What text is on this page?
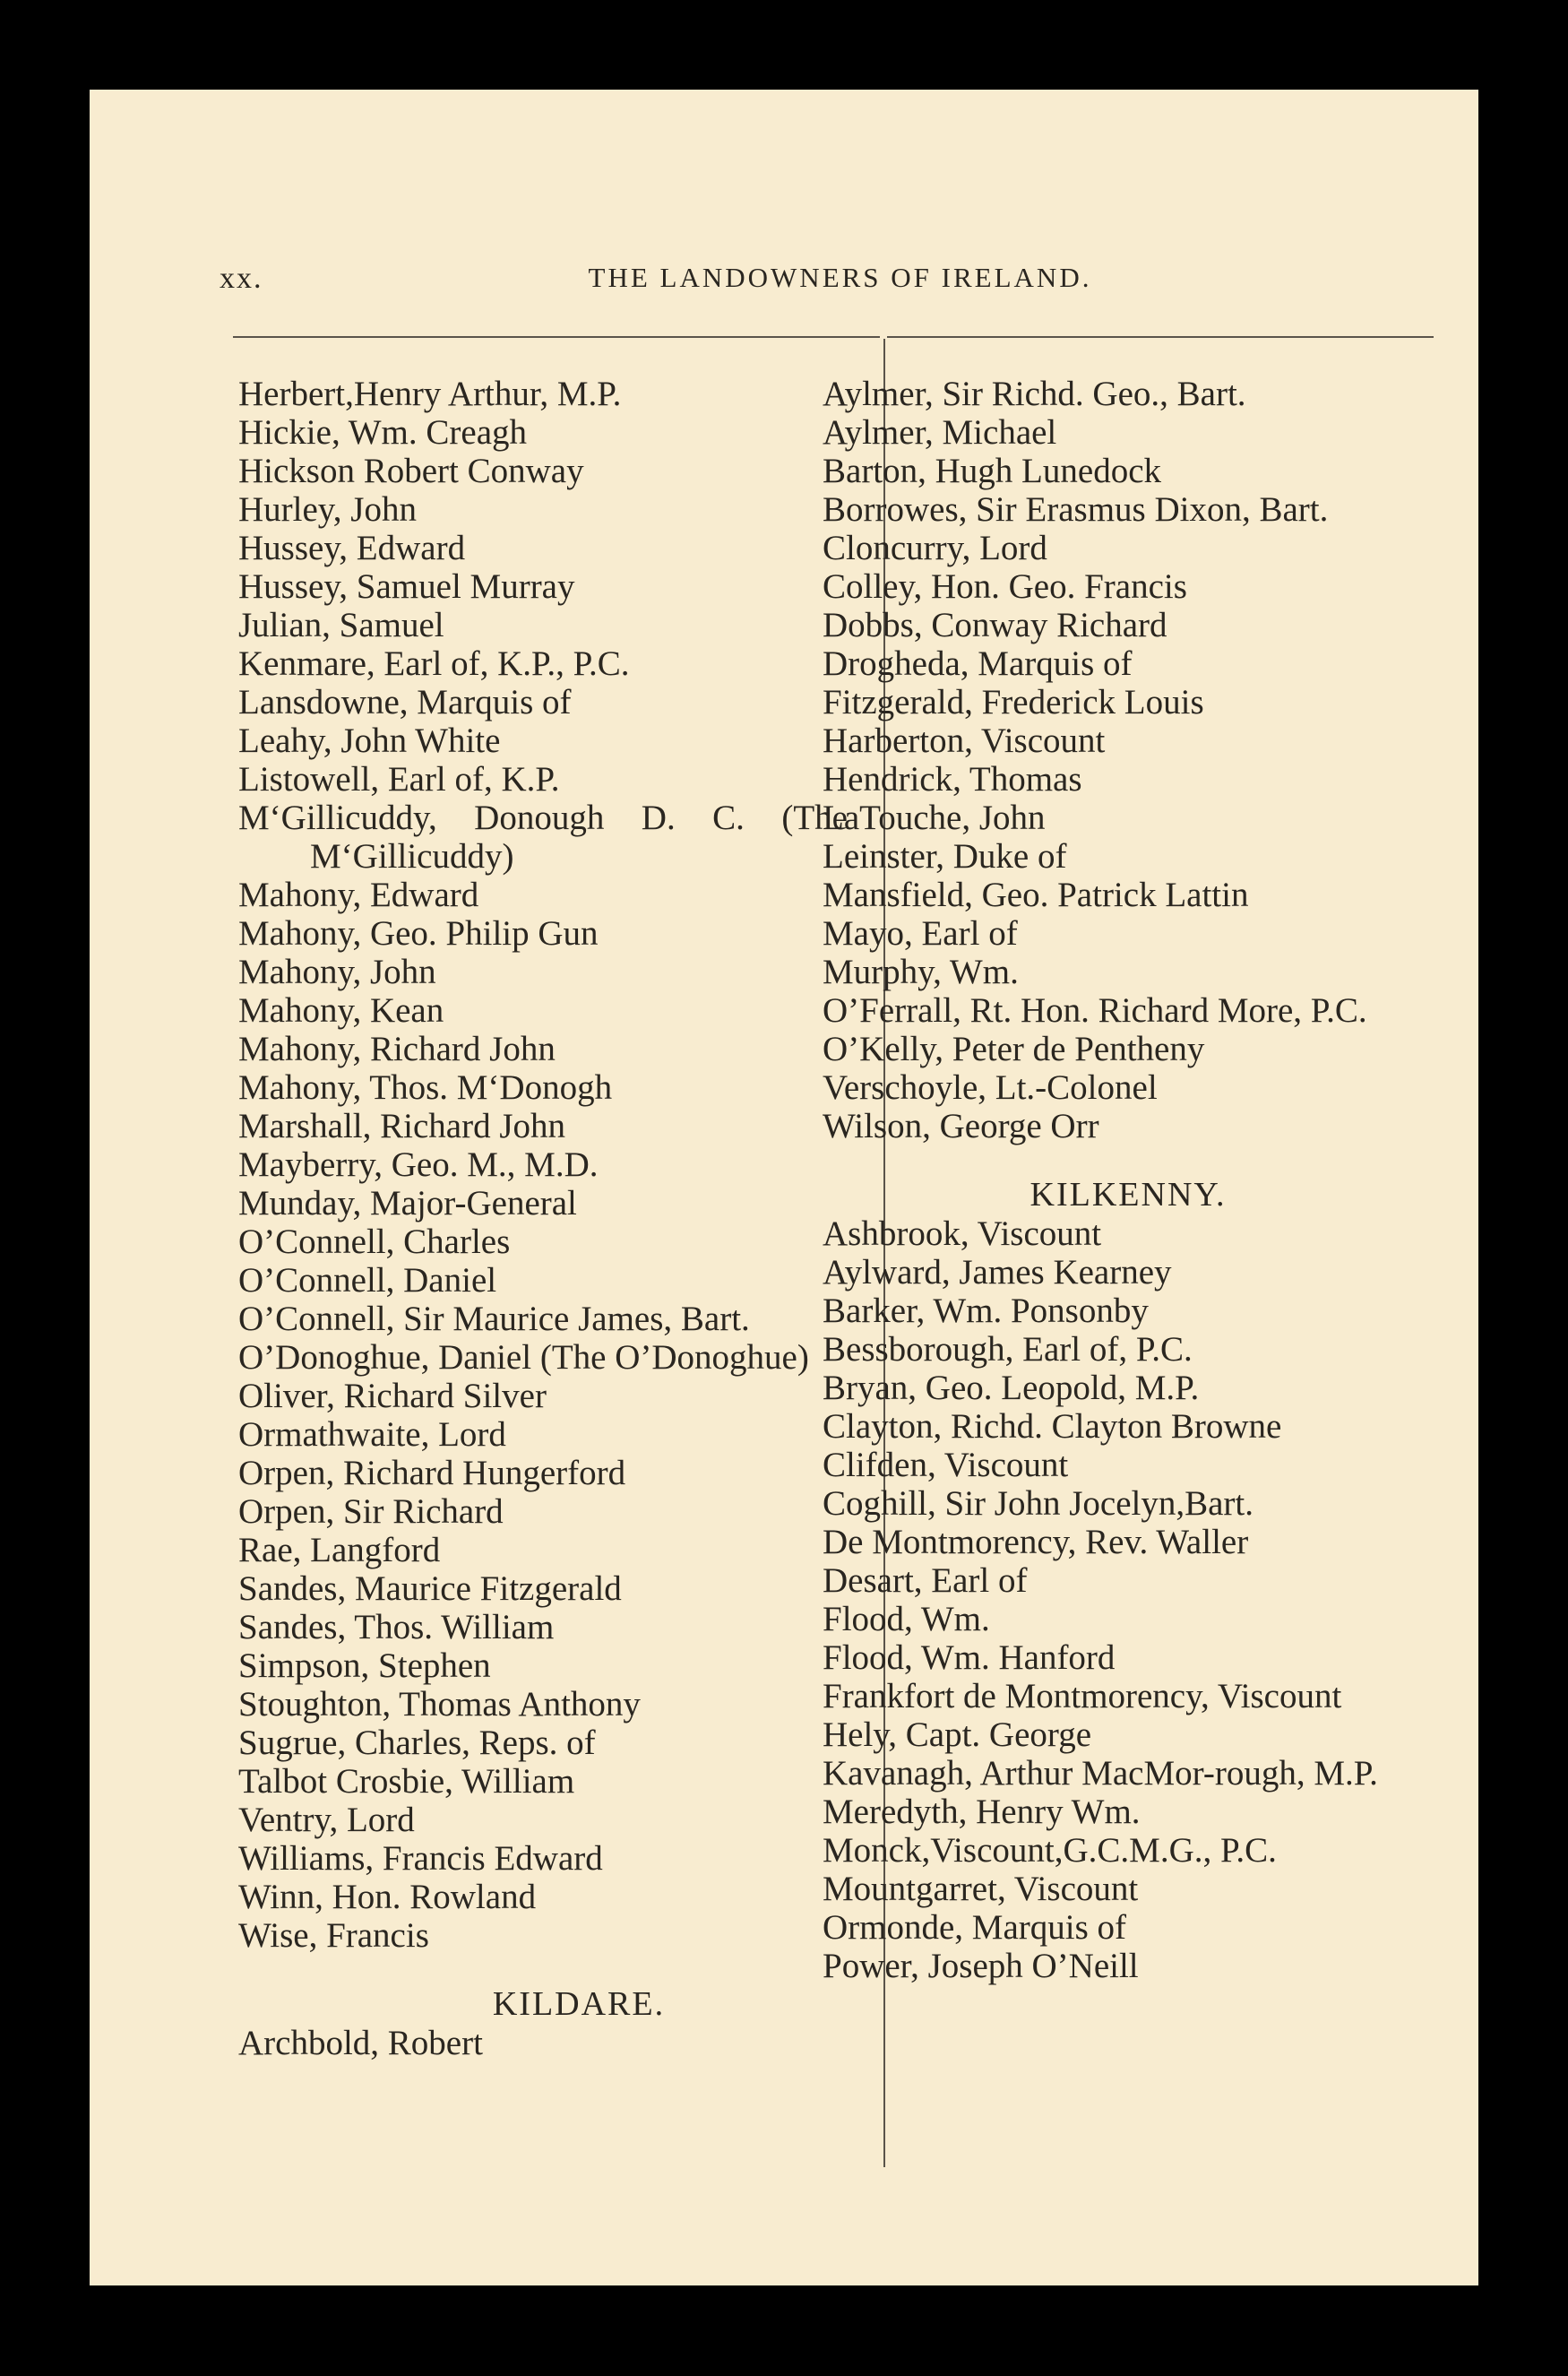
xx.	THE LANDOWNERS OF IRELAND.
Herbert,Henry Arthur, M.P.
Hickie, Wm. Creagh
Hickson Robert Conway
Hurley, John
Hussey, Edward
Hussey, Samuel Murray
Julian, Samuel
Kenmare, Earl of, K.P., P.C.
Lansdowne, Marquis of
Leahy, John White
Listowell, Earl of, K.P.
M‘Gillicuddy, Donough D. C. (The M‘Gillicuddy)
Mahony, Edward
Mahony, Geo. Philip Gun
Mahony, John
Mahony, Kean
Mahony, Richard John
Mahony, Thos. M‘Donogh
Marshall, Richard John
Mayberry, Geo. M., M.D.
Munday, Major-General
O’Connell, Charles
O’Connell, Daniel
O’Connell, Sir Maurice James, Bart.
O’Donoghue, Daniel (The O’Donoghue)
Oliver, Richard Silver
Ormathwaite, Lord
Orpen, Richard Hungerford
Orpen, Sir Richard
Rae, Langford
Sandes, Maurice Fitzgerald
Sandes, Thos. William
Simpson, Stephen
Stoughton, Thomas Anthony
Sugrue, Charles, Reps. of
Talbot Crosbie, William
Ventry, Lord
Williams, Francis Edward
Winn, Hon. Rowland
Wise, Francis
KILDARE.
Archbold, Robert
Aylmer, Sir Richd. Geo., Bart.
Aylmer, Michael
Barton, Hugh Lunedock
Borrowes, Sir Erasmus Dixon, Bart.
Cloncurry, Lord
Colley, Hon. Geo. Francis
Dobbs, Conway Richard
Drogheda, Marquis of
Fitzgerald, Frederick Louis
Harberton, Viscount
Hendrick, Thomas
LaTouche, John
Leinster, Duke of
Mansfield, Geo. Patrick Lattin
Mayo, Earl of
Murphy, Wm.
O’Ferrall, Rt. Hon. Richard More, P.C.
O’Kelly, Peter de Pentheny
Verschoyle, Lt.-Colonel
Wilson, George Orr
KILKENNY.
Ashbrook, Viscount
Aylward, James Kearney
Barker, Wm. Ponsonby
Bessborough, Earl of, P.C.
Bryan, Geo. Leopold, M.P.
Clayton, Richd. Clayton Browne
Clifden, Viscount
Coghill, Sir John Jocelyn,Bart.
De Montmorency, Rev. Waller
Desart, Earl of
Flood, Wm.
Flood, Wm. Hanford
Frankfort de Montmorency, Viscount
Hely, Capt. George
Kavanagh, Arthur MacMor-rough, M.P.
Meredyth, Henry Wm.
Monck,Viscount,G.C.M.G., P.C.
Mountgarret, Viscount
Ormonde, Marquis of
Power, Joseph O’Neill
